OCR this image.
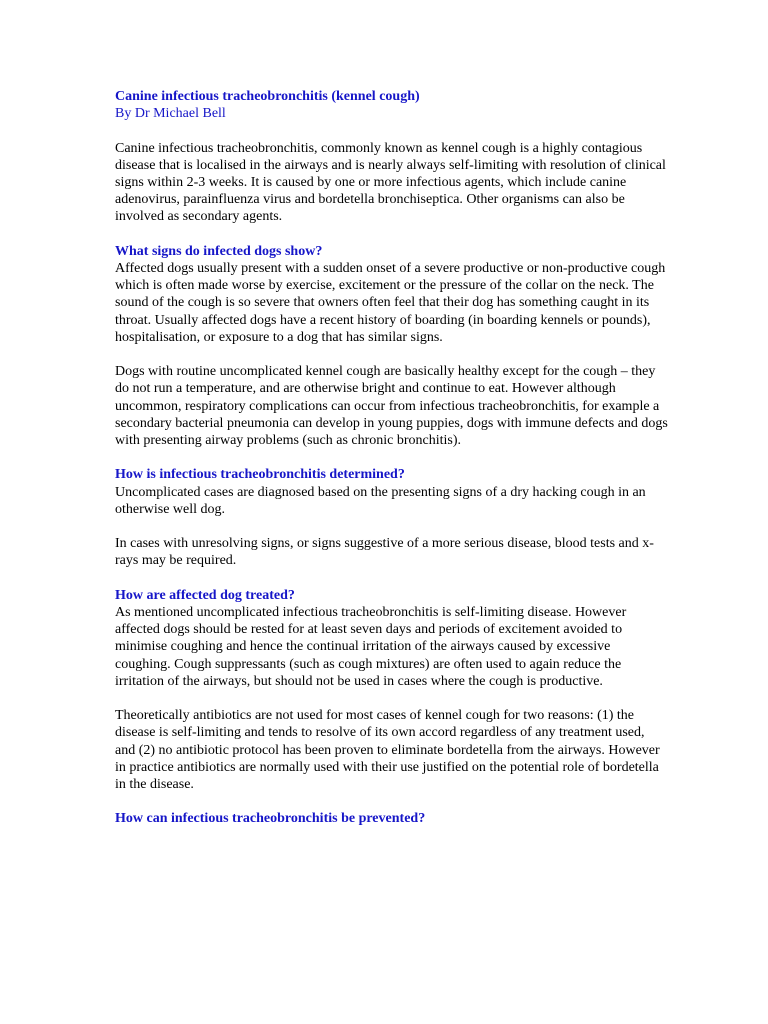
Canine infectious tracheobronchitis (kennel cough)

By Dr Michael Bell

Canine infectious tracheobronchitis, commonly known as kennel cough is a highly contagious disease that is localised in the airways and is nearly always self-limiting with resolution of clinical signs within 2-3 weeks. It is caused by one or more infectious agents, which include canine adenovirus, parainfluenza virus and bordetella bronchiseptica. Other organisms can also be involved as secondary agents.

What signs do infected dogs show?

Affected dogs usually present with a sudden onset of a severe productive or non-productive cough which is often made worse by exercise, excitement or the pressure of the collar on the neck. The sound of the cough is so severe that owners often feel that their dog has something caught in its throat. Usually affected dogs have a recent history of boarding (in boarding kennels or pounds), hospitalisation, or exposure to a dog that has similar signs.

Dogs with routine uncomplicated kennel cough are basically healthy except for the cough – they do not run a temperature, and are otherwise bright and continue to eat. However although uncommon, respiratory complications can occur from infectious tracheobronchitis, for example a secondary bacterial pneumonia can develop in young puppies, dogs with immune defects and dogs with presenting airway problems (such as chronic bronchitis).

How is infectious tracheobronchitis determined?

Uncomplicated cases are diagnosed based on the presenting signs of a dry hacking cough in an otherwise well dog.

In cases with unresolving signs, or signs suggestive of a more serious disease, blood tests and x-rays may be required.

How are affected dog treated?

As mentioned uncomplicated infectious tracheobronchitis is self-limiting disease. However affected dogs should be rested for at least seven days and periods of excitement avoided to minimise coughing and hence the continual irritation of the airways caused by excessive coughing. Cough suppressants (such as cough mixtures) are often used to again reduce the irritation of the airways, but should not be used in cases where the cough is productive.

Theoretically antibiotics are not used for most cases of kennel cough for two reasons: (1) the disease is self-limiting and tends to resolve of its own accord regardless of any treatment used, and (2) no antibiotic protocol has been proven to eliminate bordetella from the airways. However in practice antibiotics are normally used with their use justified on the potential role of bordetella in the disease.

How can infectious tracheobronchitis be prevented?
